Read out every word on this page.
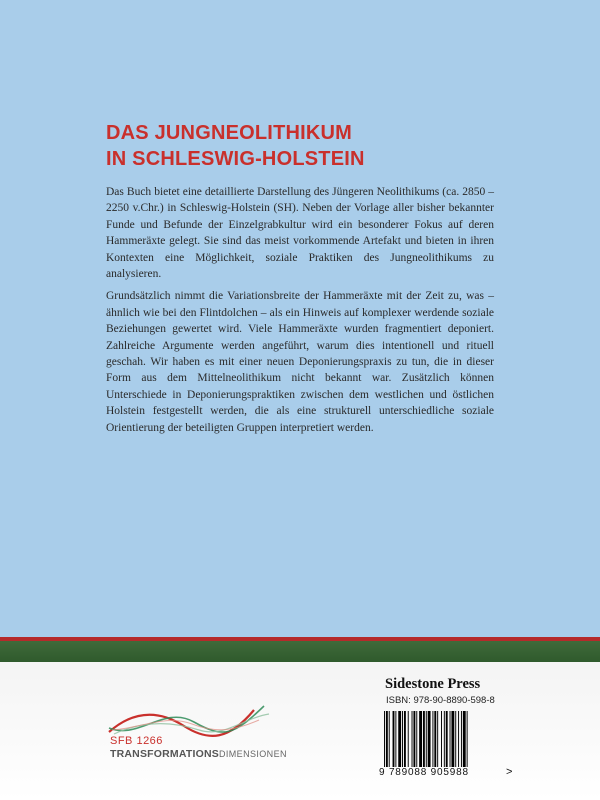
DAS JUNGNEOLITHIKUM
IN SCHLESWIG-HOLSTEIN

Das Buch bietet eine detaillierte Darstellung des Jüngeren Neolithikums (ca. 2850 – 2250 v.Chr.) in Schleswig-Holstein (SH). Neben der Vorlage aller bisher bekannter Funde und Befunde der Einzelgrabkultur wird ein besonderer Fokus auf deren Hammeräxte gelegt. Sie sind das meist vorkommende Artefakt und bieten in ihren Kontexten eine Möglichkeit, soziale Praktiken des Jungneolithikums zu analysieren.

Grundsätzlich nimmt die Variationsbreite der Hammeräxte mit der Zeit zu, was – ähnlich wie bei den Flintdolchen – als ein Hinweis auf komplexer werdende soziale Beziehungen gewertet wird. Viele Hammeräxte wurden fragmentiert deponiert. Zahlreiche Argumente werden angeführt, warum dies intentionell und rituell geschah. Wir haben es mit einer neuen Deponierungspraxis zu tun, die in dieser Form aus dem Mittelneolithikum nicht bekannt war. Zusätzlich können Unterschiede in Deponierungspraktiken zwischen dem westlichen und östlichen Holstein festgestellt werden, die als eine strukturell unterschiedliche soziale Orientierung der beteiligten Gruppen interpretiert werden.

SFB 1266
TRANSFORMATIONSDIMENSIONEN
Sidestone Press
ISBN: 978-90-8890-598-8
9 789088 905988	>
